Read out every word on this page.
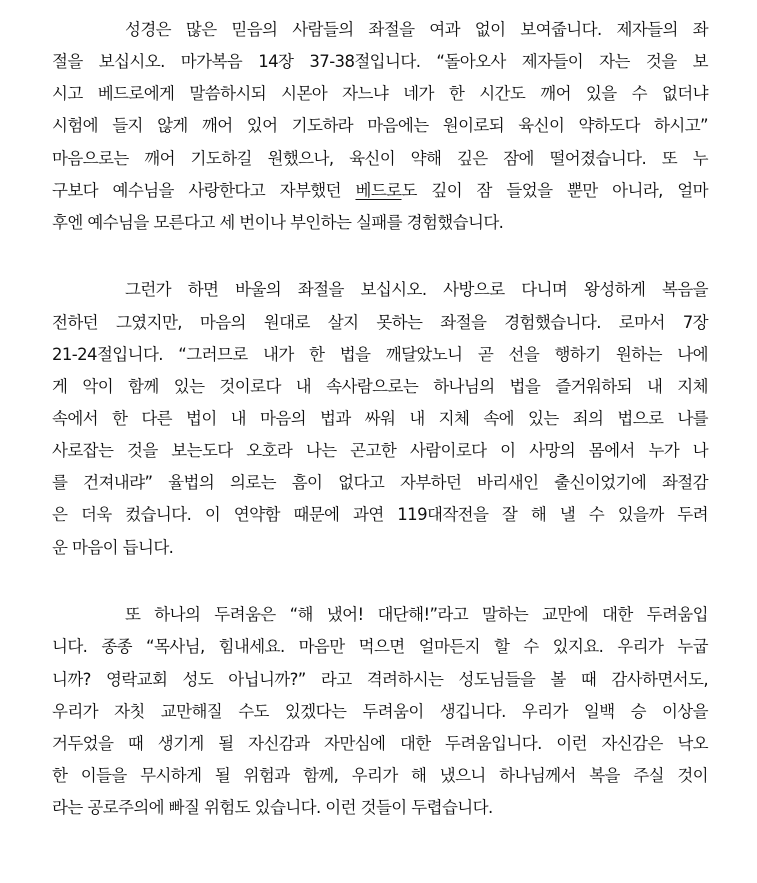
성경은 많은 믿음의 사람들의 좌절을 여과 없이 보여줍니다. 제자들의 좌
절을 보십시오. 마가복음 14장 37-38절입니다. “돌아오사 제자들이 자는 것을 보
시고 베드로에게 말씀하시되 시몬아 자느냐 네가 한 시간도 깨어 있을 수 없더냐
시험에 들지 않게 깨어 있어 기도하라 마음에는 원이로되 육신이 약하도다 하시고”
마음으로는 깨어 기도하길 원했으나, 육신이 약해 깊은 잠에 떨어졌습니다. 또 누
구보다 예수님을 사랑한다고 자부했던 베드로도 깊이 잠 들었을 뿐만 아니라, 얼마
후엔 예수님을 모른다고 세 번이나 부인하는 실패를 경험했습니다.
그런가 하면 바울의 좌절을 보십시오. 사방으로 다니며 왕성하게 복음을
전하던 그였지만, 마음의 원대로 살지 못하는 좌절을 경험했습니다. 로마서 7장
21-24절입니다. “그러므로 내가 한 법을 깨달았노니 곧 선을 행하기 원하는 나에
게 악이 함께 있는 것이로다 내 속사람으로는 하나님의 법을 즐거워하되 내 지체
속에서 한 다른 법이 내 마음의 법과 싸워 내 지체 속에 있는 죄의 법으로 나를
사로잡는 것을 보는도다 오호라 나는 곤고한 사람이로다 이 사망의 몸에서 누가 나
를 건져내랴” 율법의 의로는 흠이 없다고 자부하던 바리새인 출신이었기에 좌절감
은 더욱 컸습니다. 이 연약함 때문에 과연 119대작전을 잘 해 낼 수 있을까 두려
운 마음이 듭니다.
또 하나의 두려움은 “해 냈어! 대단해!”라고 말하는 교만에 대한 두려움입
니다. 종종 “목사님, 힘내세요. 마음만 먹으면 얼마든지 할 수 있지요. 우리가 누굽
니까? 영락교회 성도 아닙니까?” 라고 격려하시는 성도님들을 볼 때 감사하면서도,
우리가 자칫 교만해질 수도 있겠다는 두려움이 생깁니다. 우리가 일백 승 이상을
거두었을 때 생기게 될 자신감과 자만심에 대한 두려움입니다. 이런 자신감은 낙오
한 이들을 무시하게 될 위험과 함께, 우리가 해 냈으니 하나님께서 복을 주실 것이
라는 공로주의에 빠질 위험도 있습니다. 이런 것들이 두렵습니다.
